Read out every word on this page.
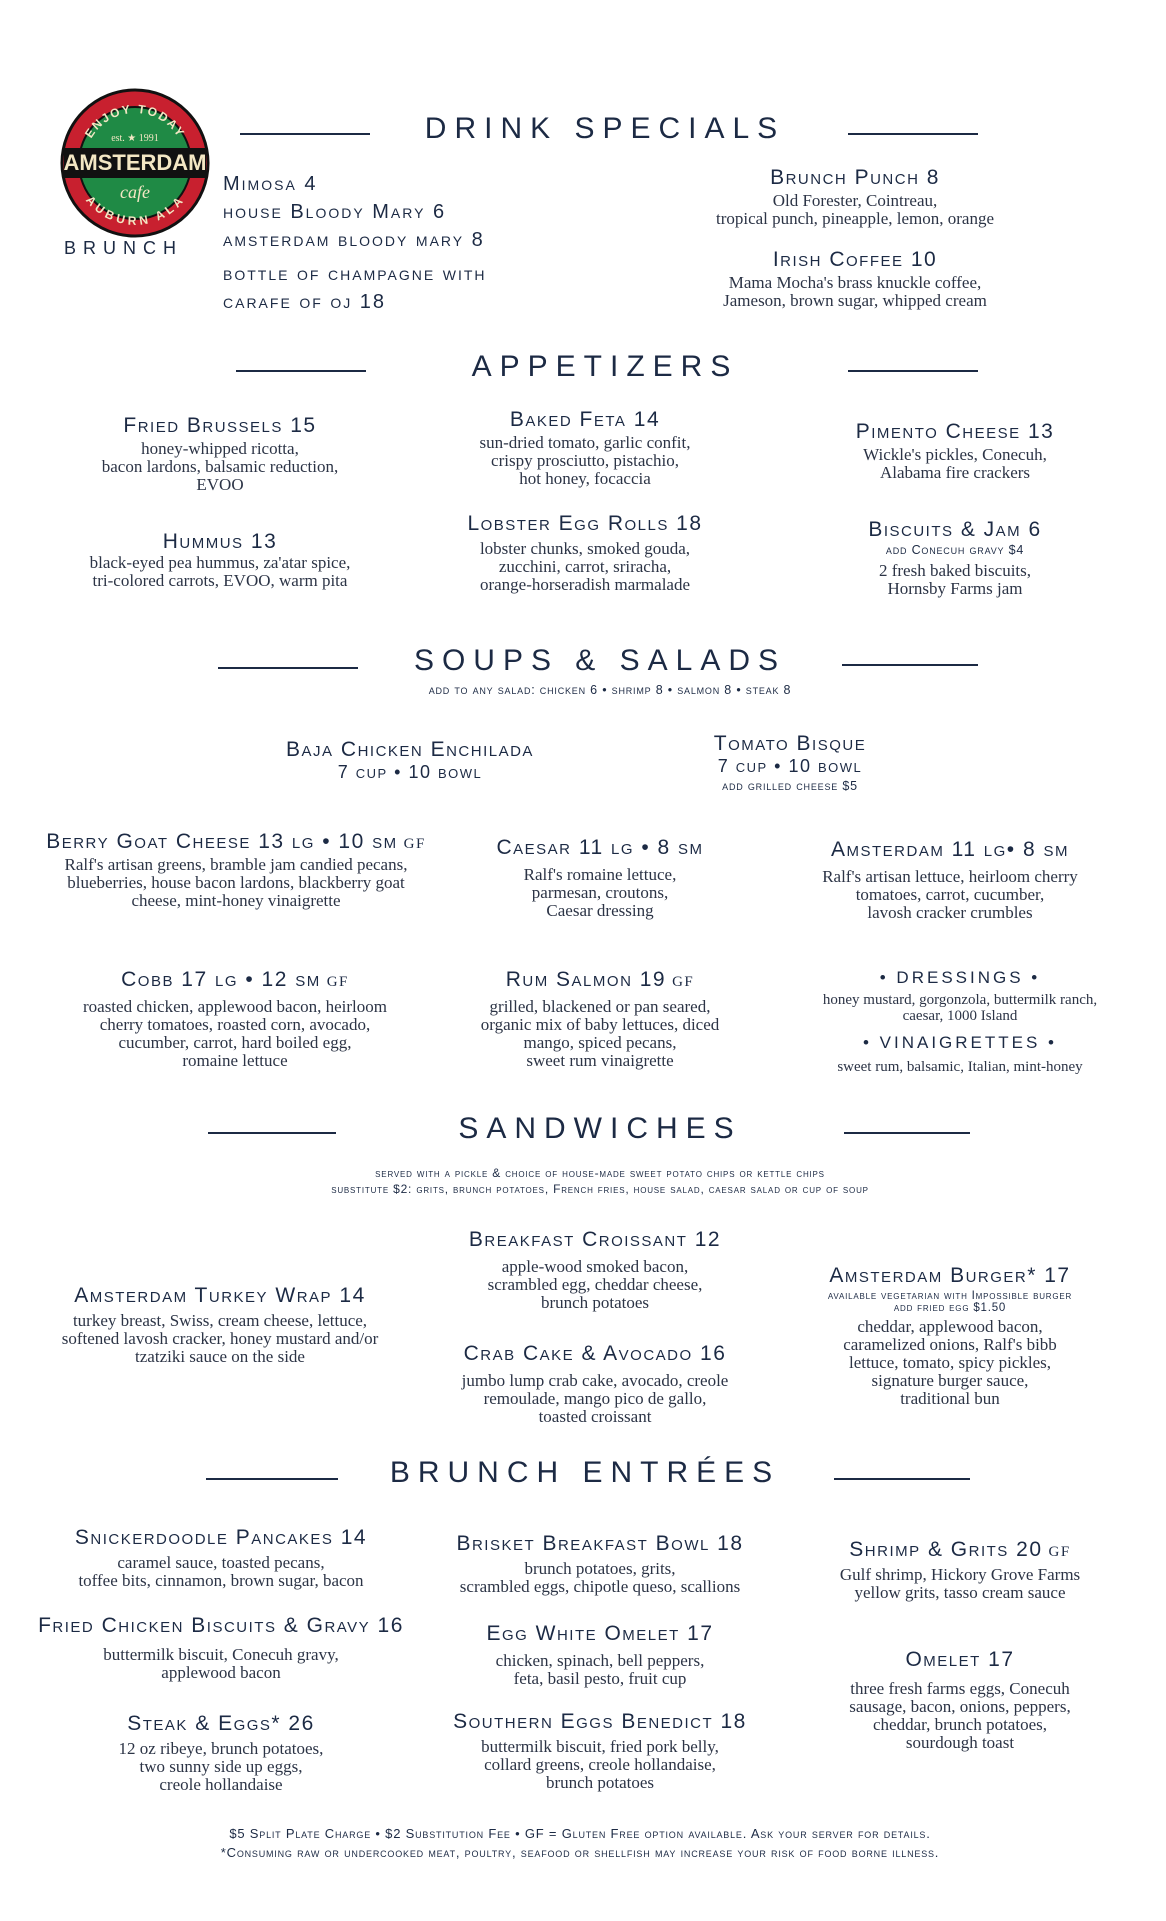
ENJOY TODAY
AUBURN ALA
AMSTERDAM
est. ★ 1991
cafe
BRUNCH
DRINK SPECIALS
Mimosa 4
house Bloody Mary 6
amsterdam bloody mary 8
bottle of champagne with
carafe of oj 18
Brunch Punch 8
Old Forester, Cointreau,
tropical punch, pineapple, lemon, orange
Irish Coffee 10
Mama Mocha's brass knuckle coffee,
Jameson, brown sugar, whipped cream
APPETIZERS
Fried Brussels 15
honey-whipped ricotta,
bacon lardons, balsamic reduction,
EVOO
Hummus 13
black-eyed pea hummus, za'atar spice,
tri-colored carrots, EVOO, warm pita
Baked Feta 14
sun-dried tomato, garlic confit,
crispy prosciutto, pistachio,
hot honey, focaccia
Lobster Egg Rolls 18
lobster chunks, smoked gouda,
zucchini, carrot, sriracha,
orange-horseradish marmalade
Pimento Cheese 13
Wickle's pickles, Conecuh,
Alabama fire crackers
Biscuits & Jam 6
add Conecuh gravy $4
2 fresh baked biscuits,
Hornsby Farms jam
SOUPS & SALADS
add to any salad: chicken 6 • shrimp 8 • salmon 8 • steak 8
Baja Chicken Enchilada
7 cup • 10 bowl
Tomato Bisque
7 cup • 10 bowl
add grilled cheese $5
Berry Goat Cheese 13 lg • 10 sm GF
Ralf's artisan greens, bramble jam candied pecans,
blueberries, house bacon lardons, blackberry goat
cheese, mint-honey vinaigrette
Caesar 11 lg • 8 sm
Ralf's romaine lettuce,
parmesan, croutons,
Caesar dressing
Amsterdam 11 lg• 8 sm
Ralf's artisan lettuce, heirloom cherry
tomatoes, carrot, cucumber,
lavosh cracker crumbles
Cobb 17 lg • 12 sm GF
roasted chicken, applewood bacon, heirloom
cherry tomatoes, roasted corn, avocado,
cucumber, carrot, hard boiled egg,
romaine lettuce
Rum Salmon 19 GF
grilled, blackened or pan seared,
organic mix of baby lettuces, diced
mango, spiced pecans,
sweet rum vinaigrette
• DRESSINGS •
honey mustard, gorgonzola, buttermilk ranch,
caesar, 1000 Island
• VINAIGRETTES •
sweet rum, balsamic, Italian, mint-honey
SANDWICHES
served with a pickle & choice of house-made sweet potato chips or kettle chips
substitute $2: grits, brunch potatoes, French fries, house salad, caesar salad or cup of soup
Amsterdam Turkey Wrap 14
turkey breast, Swiss, cream cheese, lettuce,
softened lavosh cracker, honey mustard and/or
tzatziki sauce on the side
Breakfast Croissant 12
apple-wood smoked bacon,
scrambled egg, cheddar cheese,
brunch potatoes
Crab Cake & Avocado 16
jumbo lump crab cake, avocado, creole
remoulade, mango pico de gallo,
toasted croissant
Amsterdam Burger* 17
available vegetarian with Impossible burger
add fried egg $1.50
cheddar, applewood bacon,
caramelized onions, Ralf's bibb
lettuce, tomato, spicy pickles,
signature burger sauce,
traditional bun
BRUNCH ENTRÉES
Snickerdoodle Pancakes 14
caramel sauce, toasted pecans,
toffee bits, cinnamon, brown sugar, bacon
Fried Chicken Biscuits & Gravy 16
buttermilk biscuit, Conecuh gravy,
applewood bacon
Steak & Eggs* 26
12 oz ribeye, brunch potatoes,
two sunny side up eggs,
creole hollandaise
Brisket Breakfast Bowl 18
brunch potatoes, grits,
scrambled eggs, chipotle queso, scallions
Egg White Omelet 17
chicken, spinach, bell peppers,
feta, basil pesto, fruit cup
Southern Eggs Benedict 18
buttermilk biscuit, fried pork belly,
collard greens, creole hollandaise,
brunch potatoes
Shrimp & Grits 20 GF
Gulf shrimp, Hickory Grove Farms
yellow grits, tasso cream sauce
Omelet 17
three fresh farms eggs, Conecuh
sausage, bacon, onions, peppers,
cheddar, brunch potatoes,
sourdough toast
$5 Split Plate Charge • $2 Substitution Fee • GF = Gluten Free option available. Ask your server for details.
*Consuming raw or undercooked meat, poultry, seafood or shellfish may increase your risk of food borne illness.
